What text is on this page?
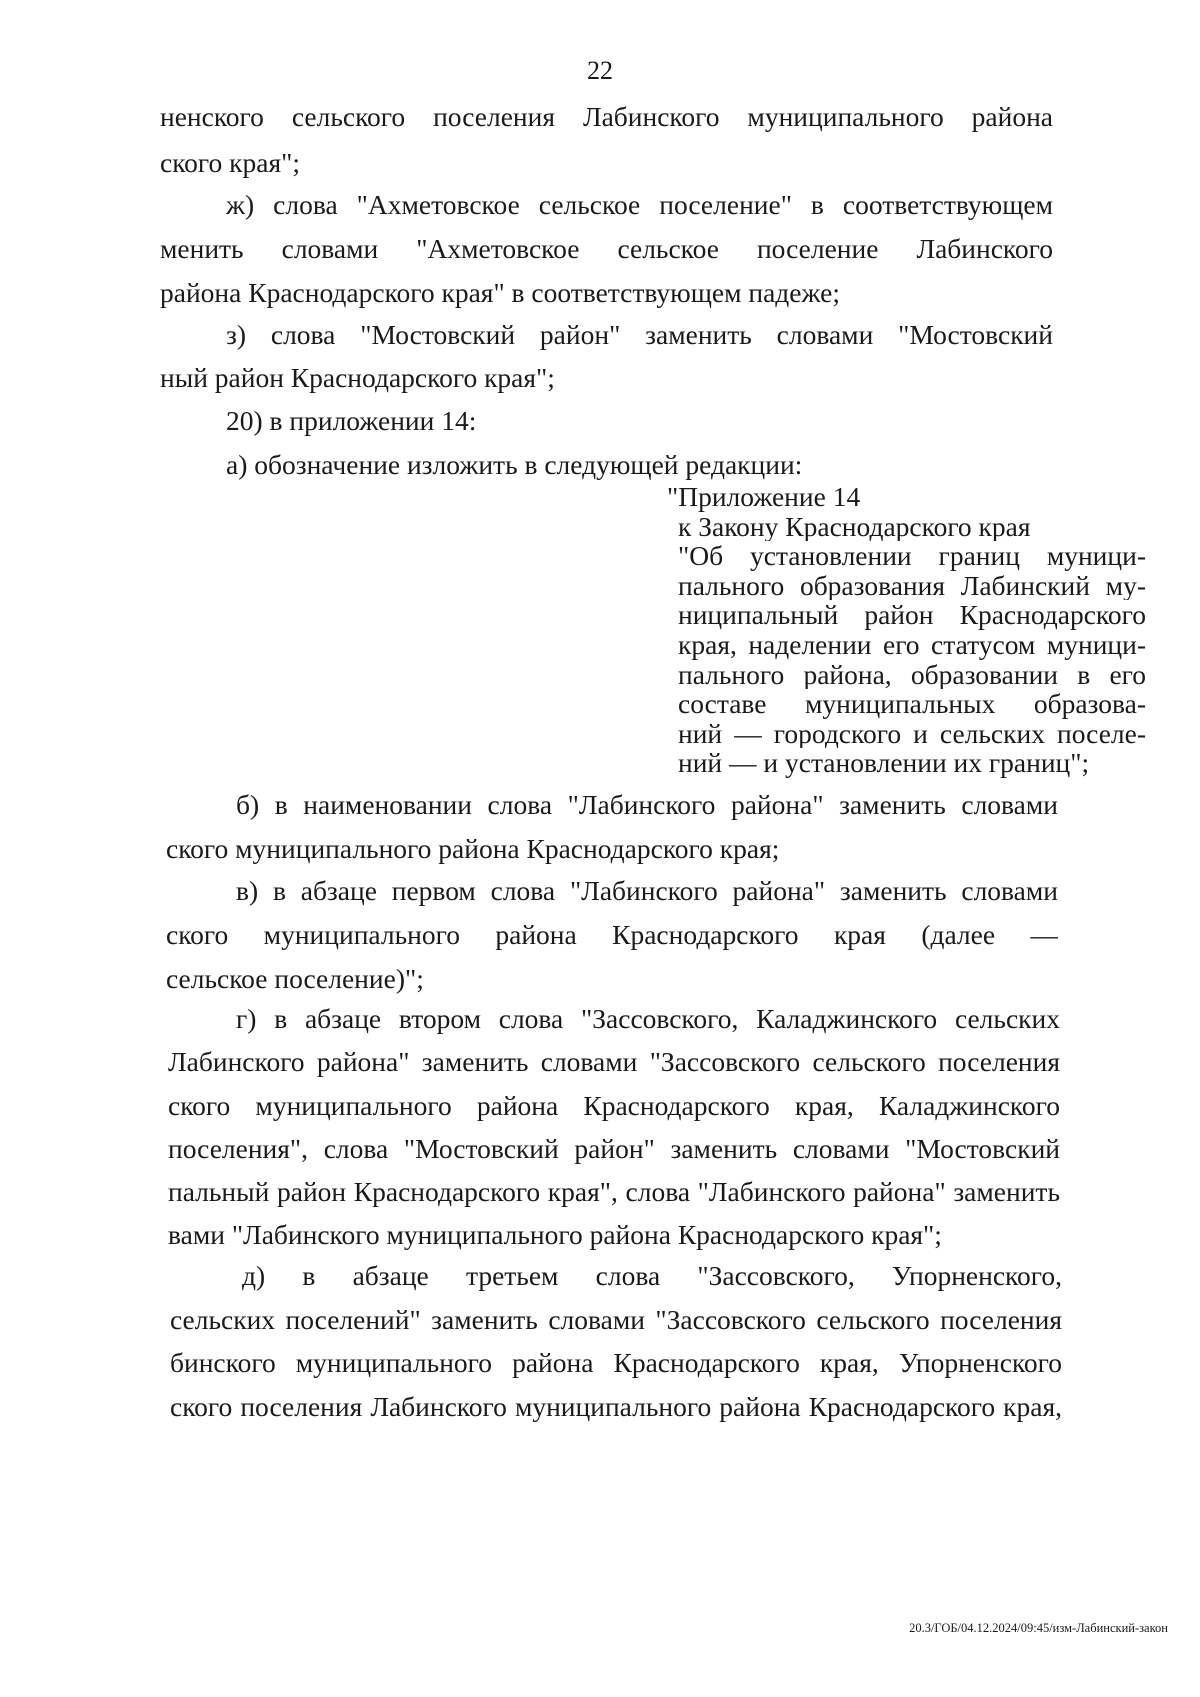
22
ненского сельского поселения Лабинского муниципального района
ского края";
ж) слова "Ахметовское сельское поселение" в соответствующем
менить словами "Ахметовское сельское поселение Лабинского
района Краснодарского края" в соответствующем падеже;
з) слова "Мостовский район" заменить словами "Мостовский
ный район Краснодарского края";
20) в приложении 14:
а) обозначение изложить в следующей редакции:
"Приложение 14
к Закону Краснодарского края
"Об установлении границ муници-
пального образования Лабинский му-
ниципальный район Краснодарского
края, наделении его статусом муници-
пального района, образовании в его
составе муниципальных образова-
ний — городского и сельских поселе-
ний — и установлении их границ";
б) в наименовании слова "Лабинского района" заменить словами
ского муниципального района Краснодарского края;
в) в абзаце первом слова "Лабинского района" заменить словами
ского муниципального района Краснодарского края (далее —
сельское поселение)";
г) в абзаце втором слова "Зассовского, Каладжинского сельских
Лабинского района" заменить словами "Зассовского сельского поселения
ского муниципального района Краснодарского края, Каладжинского
поселения", слова "Мостовский район" заменить словами "Мостовский
пальный район Краснодарского края", слова "Лабинского района" заменить
вами "Лабинского муниципального района Краснодарского края";
д) в абзаце третьем слова "Зассовского, Упорненского,
сельских поселений" заменить словами "Зассовского сельского поселения
бинского муниципального района Краснодарского края, Упорненского
ского поселения Лабинского муниципального района Краснодарского края,
20.3/ГОБ/04.12.2024/09:45/изм-Лабинский-закон
